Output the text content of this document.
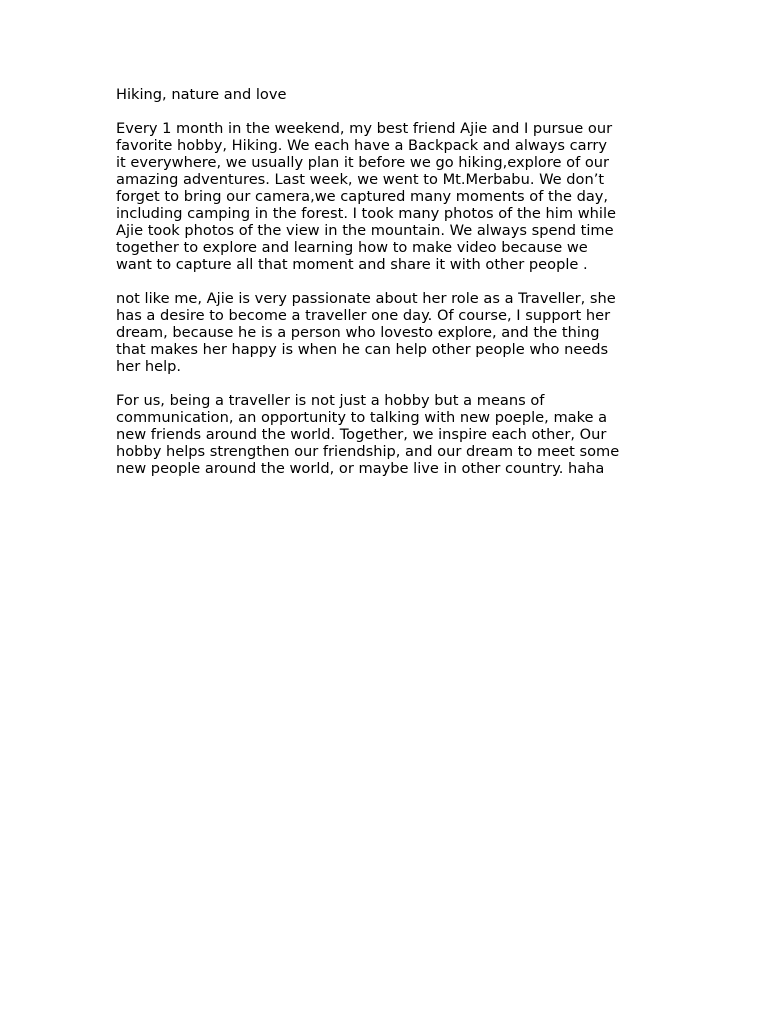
Hiking, nature and love
Every 1 month in the weekend, my best friend Ajie and I pursue our
favorite hobby, Hiking. We each have a Backpack and always carry
it everywhere, we usually plan it before we go hiking,explore of our
amazing adventures. Last week, we went to Mt.Merbabu. We don’t
forget to bring our camera,we captured many moments of the day,
including camping in the forest. I took many photos of the him while
Ajie took photos of the view in the mountain. We always spend time
together to explore and learning how to make video because we
want to capture all that moment and share it with other people .
not like me, Ajie is very passionate about her role as a Traveller, she
has a desire to become a traveller one day. Of course, I support her
dream, because he is a person who lovesto explore, and the thing
that makes her happy is when he can help other people who needs
her help.
For us, being a traveller is not just a hobby but a means of
communication, an opportunity to talking with new poeple, make a
new friends around the world. Together, we inspire each other, Our
hobby helps strengthen our friendship, and our dream to meet some
new people around the world, or maybe live in other country. haha
